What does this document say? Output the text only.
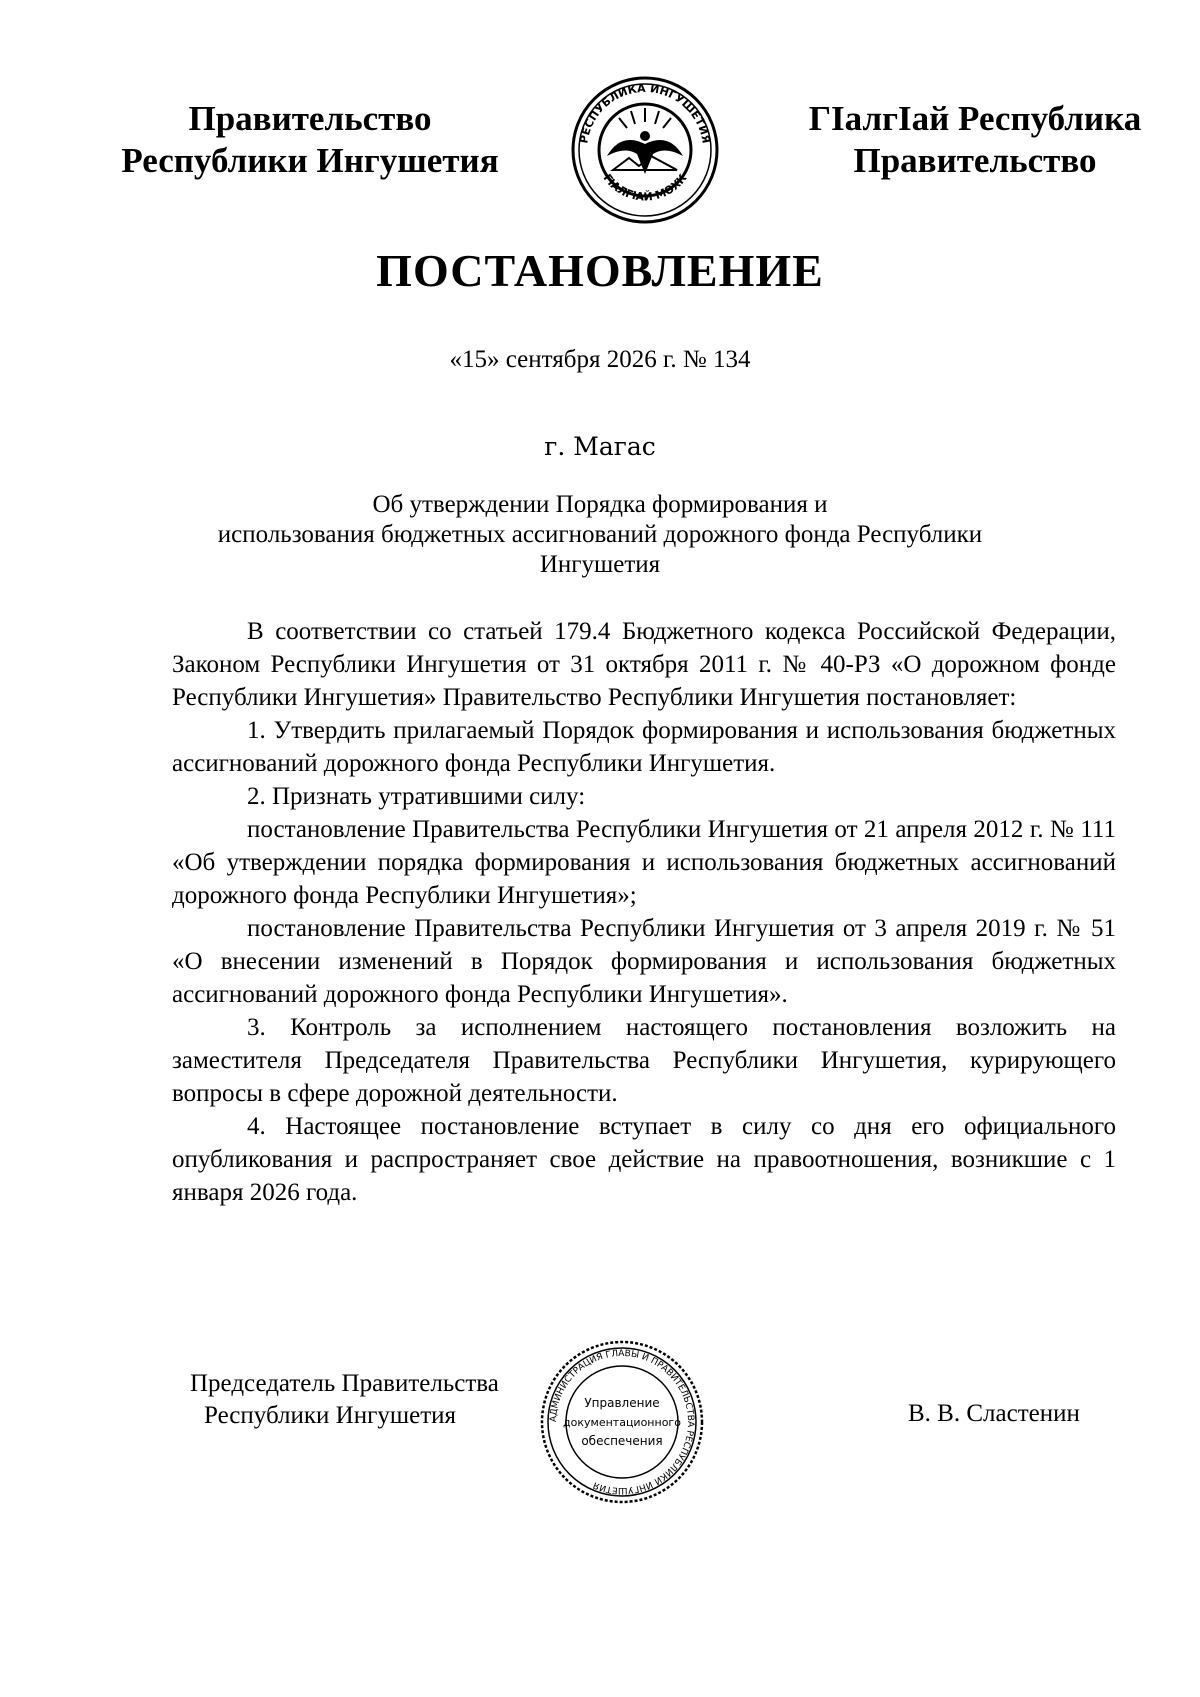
Правительство
Республики Ингушетия
РЕСПУБЛИКА ИНГУШЕТИЯ
ГIАЛГIАЙ МОХК
ГIалгIай Республика
Правительство
ПОСТАНОВЛЕНИЕ
«15» сентября 2026 г. № 134
г. Магас
Об утверждении Порядка формирования и
использования бюджетных ассигнований дорожного фонда Республики
Ингушетия

В соответствии со статьей 179.4 Бюджетного кодекса Российской Федерации, Законом Республики Ингушетия от 31 октября 2011 г. № 40-РЗ «О дорожном фонде Республики Ингушетия» Правительство Республики Ингушетия постановляет:

1. Утвердить прилагаемый Порядок формирования и использования бюджетных ассигнований дорожного фонда Республики Ингушетия.

2. Признать утратившими силу:

постановление Правительства Республики Ингушетия от 21 апреля 2012 г. № 111 «Об утверждении порядка формирования и использования бюджетных ассигнований дорожного фонда Республики Ингушетия»;

постановление Правительства Республики Ингушетия от 3 апреля 2019 г. № 51 «О внесении изменений в Порядок формирования и использования бюджетных ассигнований дорожного фонда Республики Ингушетия».

3. Контроль за исполнением настоящего постановления возложить на заместителя Председателя Правительства Республики Ингушетия, курирующего вопросы в сфере дорожной деятельности.

4. Настоящее постановление вступает в силу со дня его официального опубликования и распространяет свое действие на правоотношения, возникшие с 1 января 2026 года.

Председатель Правительства
Республики Ингушетия	АДМИНИСТРАЦИЯ ГЛАВЫ И ПРАВИТЕЛЬСТВА РЕСПУБЛИКИ ИНГУШЕТИЯ
Управление
документационного
обеспечения
В. В. Сластенин
